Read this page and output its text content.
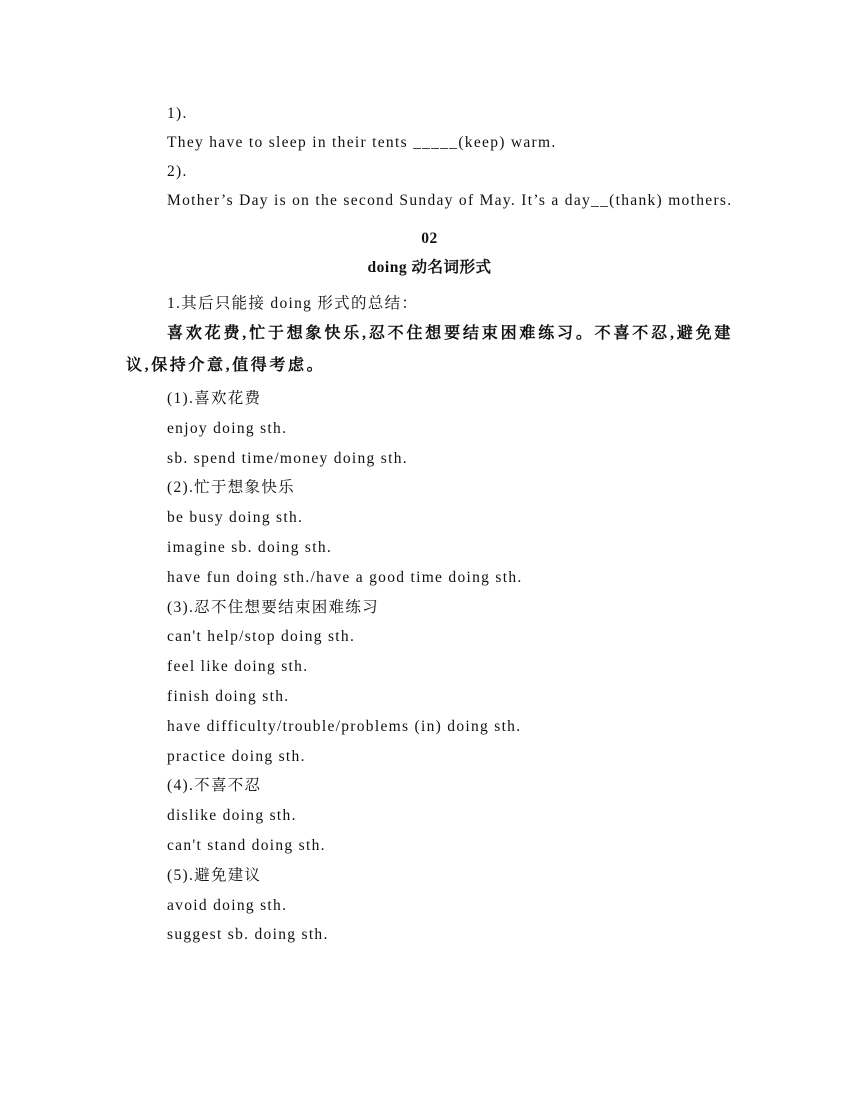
1).
They have to sleep in their tents _____(keep) warm.
2).
Mother’s Day is on the second Sunday of May. It’s a day__(thank) mothers.
02
doing 动名词形式
1.其后只能接 doing 形式的总结：
喜欢花费,忙于想象快乐,忍不住想要结束困难练习。不喜不忍,避免建议,保持介意,值得考虑。
(1).喜欢花费
enjoy doing sth.
sb. spend time/money doing sth.
(2).忙于想象快乐
be busy doing sth.
imagine sb. doing sth.
have fun doing sth./have a good time doing sth.
(3).忍不住想要结束困难练习
can't help/stop doing sth.
feel like doing sth.
finish doing sth.
have difficulty/trouble/problems (in) doing sth.
practice doing sth.
(4).不喜不忍
dislike doing sth.
can't stand doing sth.
(5).避免建议
avoid doing sth.
suggest sb. doing sth.
